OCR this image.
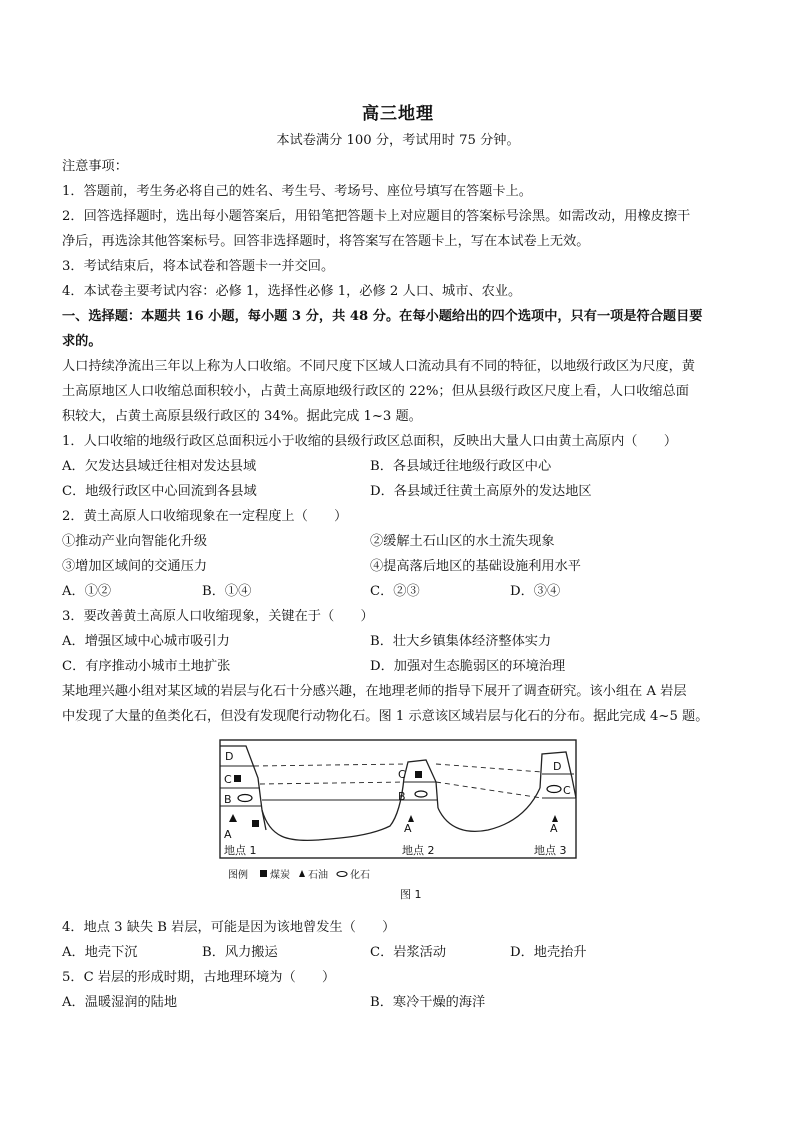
高三地理
本试卷满分 100 分，考试用时 75 分钟。
注意事项：
1．答题前，考生务必将自己的姓名、考生号、考场号、座位号填写在答题卡上。
2．回答选择题时，选出每小题答案后，用铅笔把答题卡上对应题目的答案标号涂黑。如需改动，用橡皮擦干
净后，再选涂其他答案标号。回答非选择题时，将答案写在答题卡上，写在本试卷上无效。
3．考试结束后，将本试卷和答题卡一并交回。
4．本试卷主要考试内容：必修 1，选择性必修 1，必修 2 人口、城市、农业。
一、选择题：本题共 16 小题，每小题 3 分，共 48 分。在每小题给出的四个选项中，只有一项是符合题目要
求的。
人口持续净流出三年以上称为人口收缩。不同尺度下区域人口流动具有不同的特征，以地级行政区为尺度，黄
土高原地区人口收缩总面积较小，占黄土高原地级行政区的 22%；但从县级行政区尺度上看，人口收缩总面
积较大，占黄土高原县级行政区的 34%。据此完成 1~3 题。
1．人口收缩的地级行政区总面积远小于收缩的县级行政区总面积，反映出大量人口由黄土高原内（　　）
A．欠发达县域迁往相对发达县域	B．各县域迁往地级行政区中心
C．地级行政区中心回流到各县域	D．各县域迁往黄土高原外的发达地区
2．黄土高原人口收缩现象在一定程度上（　　）
①推动产业向智能化升级	②缓解土石山区的水土流失现象
③增加区域间的交通压力	④提高落后地区的基础设施利用水平
A．①②	B．①④	C．②③	D．③④
3．要改善黄土高原人口收缩现象，关键在于（　　）
A．增强区域中心城市吸引力	B．壮大乡镇集体经济整体实力
C．有序推动小城市土地扩张	D．加强对生态脆弱区的环境治理
某地理兴趣小组对某区域的岩层与化石十分感兴趣，在地理老师的指导下展开了调查研究。该小组在 A 岩层
中发现了大量的鱼类化石，但没有发现爬行动物化石。图 1 示意该区域岩层与化石的分布。据此完成 4~5 题。
4．地点 3 缺失 B 岩层，可能是因为该地曾发生（　　）
A．地壳下沉	B．风力搬运	C．岩浆活动	D．地壳抬升
5．C 岩层的形成时期，古地理环境为（　　）
A．温暖湿润的陆地	B．寒冷干燥的海洋
D
C
B
A
C
B
A
D
C
A
地点 1	地点 2	地点 3
图例 煤炭 石油 化石
图 1
